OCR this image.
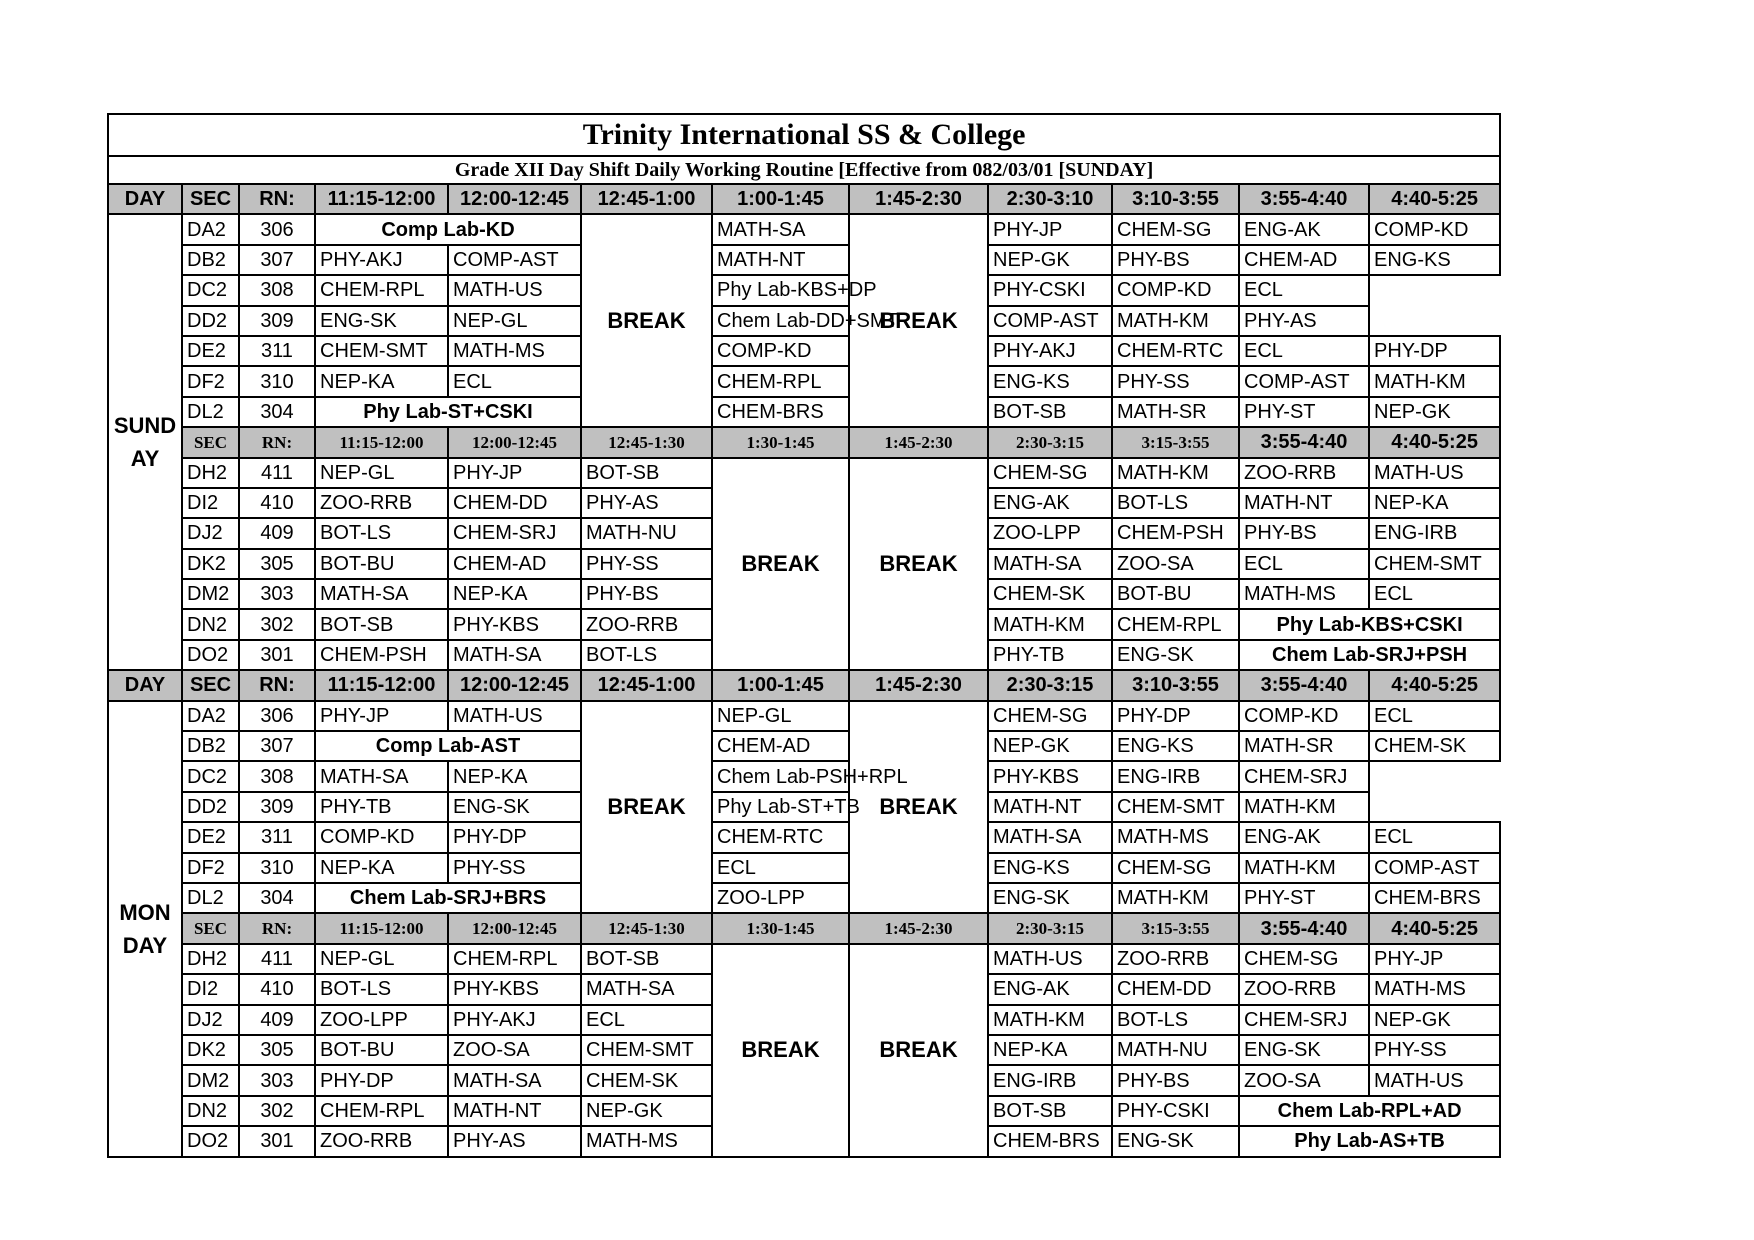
Trinity International SS & College											
Grade XII Day Shift Daily Working Routine [Effective from 082/03/01 [SUNDAY]											
DAY	SEC	RN:	11:15-12:00	12:00-12:45	12:45-1:00	1:00-1:45	1:45-2:30	2:30-3:10	3:10-3:55	3:55-4:40	4:40-5:25
SUNDAY	DA2	306	Comp Lab-KD		BREAK	MATH-SA	BREAK	PHY-JP	CHEM-SG	ENG-AK	COMP-KD
	DB2	307	PHY-AKJ	COMP-AST		MATH-NT		NEP-GK	PHY-BS	CHEM-AD	ENG-KS
	DC2	308	CHEM-RPL	MATH-US		Phy Lab-KBS+DP		PHY-CSKI	COMP-KD	ECL	
	DD2	309	ENG-SK	NEP-GL		Chem Lab-DD+SMT		COMP-AST	MATH-KM	PHY-AS	
	DE2	311	CHEM-SMT	MATH-MS		COMP-KD		PHY-AKJ	CHEM-RTC	ECL	PHY-DP
	DF2	310	NEP-KA	ECL		CHEM-RPL		ENG-KS	PHY-SS	COMP-AST	MATH-KM
	DL2	304	Phy Lab-ST+CSKI			CHEM-BRS		BOT-SB	MATH-SR	PHY-ST	NEP-GK
	SEC	RN:	11:15-12:00	12:00-12:45	12:45-1:30	1:30-1:45	1:45-2:30	2:30-3:15	3:15-3:55	3:55-4:40	4:40-5:25
	DH2	411	NEP-GL	PHY-JP	BOT-SB	BREAK	BREAK	CHEM-SG	MATH-KM	ZOO-RRB	MATH-US
	DI2	410	ZOO-RRB	CHEM-DD	PHY-AS			ENG-AK	BOT-LS	MATH-NT	NEP-KA
	DJ2	409	BOT-LS	CHEM-SRJ	MATH-NU			ZOO-LPP	CHEM-PSH	PHY-BS	ENG-IRB
	DK2	305	BOT-BU	CHEM-AD	PHY-SS			MATH-SA	ZOO-SA	ECL	CHEM-SMT
	DM2	303	MATH-SA	NEP-KA	PHY-BS			CHEM-SK	BOT-BU	MATH-MS	ECL
	DN2	302	BOT-SB	PHY-KBS	ZOO-RRB			MATH-KM	CHEM-RPL	Phy Lab-KBS+CSKI	
	DO2	301	CHEM-PSH	MATH-SA	BOT-LS			PHY-TB	ENG-SK	Chem Lab-SRJ+PSH	
DAY	SEC	RN:	11:15-12:00	12:00-12:45	12:45-1:00	1:00-1:45	1:45-2:30	2:30-3:15	3:10-3:55	3:55-4:40	4:40-5:25
MONDAY	DA2	306	PHY-JP	MATH-US	BREAK	NEP-GL	BREAK	CHEM-SG	PHY-DP	COMP-KD	ECL
	DB2	307	Comp Lab-AST			CHEM-AD		NEP-GK	ENG-KS	MATH-SR	CHEM-SK
	DC2	308	MATH-SA	NEP-KA		Chem Lab-PSH+RPL		PHY-KBS	ENG-IRB	CHEM-SRJ	
	DD2	309	PHY-TB	ENG-SK		Phy Lab-ST+TB		MATH-NT	CHEM-SMT	MATH-KM	
	DE2	311	COMP-KD	PHY-DP		CHEM-RTC		MATH-SA	MATH-MS	ENG-AK	ECL
	DF2	310	NEP-KA	PHY-SS		ECL		ENG-KS	CHEM-SG	MATH-KM	COMP-AST
	DL2	304	Chem Lab-SRJ+BRS			ZOO-LPP		ENG-SK	MATH-KM	PHY-ST	CHEM-BRS
	SEC	RN:	11:15-12:00	12:00-12:45	12:45-1:30	1:30-1:45	1:45-2:30	2:30-3:15	3:15-3:55	3:55-4:40	4:40-5:25
	DH2	411	NEP-GL	CHEM-RPL	BOT-SB	BREAK	BREAK	MATH-US	ZOO-RRB	CHEM-SG	PHY-JP
	DI2	410	BOT-LS	PHY-KBS	MATH-SA			ENG-AK	CHEM-DD	ZOO-RRB	MATH-MS
	DJ2	409	ZOO-LPP	PHY-AKJ	ECL			MATH-KM	BOT-LS	CHEM-SRJ	NEP-GK
	DK2	305	BOT-BU	ZOO-SA	CHEM-SMT			NEP-KA	MATH-NU	ENG-SK	PHY-SS
	DM2	303	PHY-DP	MATH-SA	CHEM-SK			ENG-IRB	PHY-BS	ZOO-SA	MATH-US
	DN2	302	CHEM-RPL	MATH-NT	NEP-GK			BOT-SB	PHY-CSKI	Chem Lab-RPL+AD	
	DO2	301	ZOO-RRB	PHY-AS	MATH-MS			CHEM-BRS	ENG-SK	Phy Lab-AS+TB	
